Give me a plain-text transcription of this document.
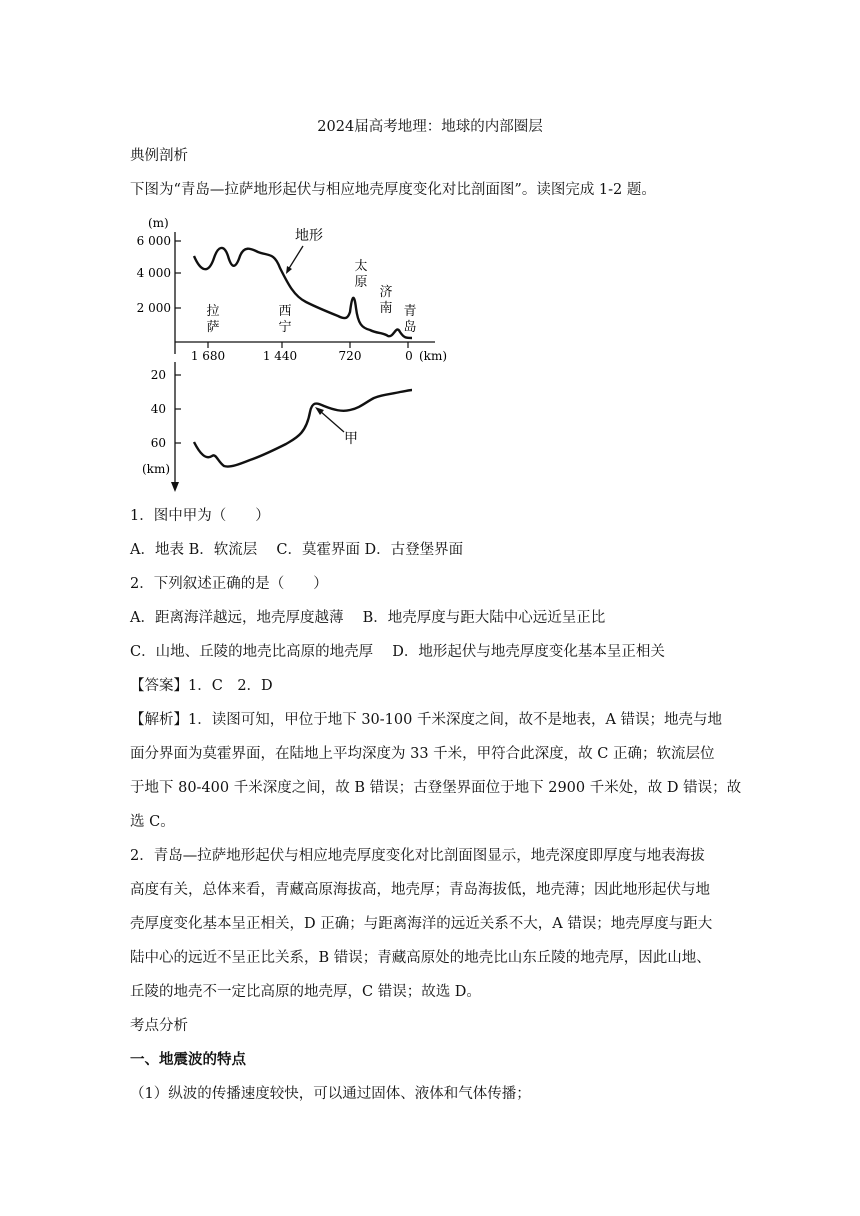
2024届高考地理：地球的内部圈层
典例剖析
下图为“青岛—拉萨地形起伏与相应地壳厚度变化对比剖面图”。读图完成 1-2 题。
(m)
6 000
4 000
2 000
1 680	1 440	720	0 (km)
地形
拉
萨
西
宁
太
原
济
南 青
岛
20
40
60
(km)
甲
1．图中甲为（　　）
A．地表 B．软流层　 C．莫霍界面 D．古登堡界面
2．下列叙述正确的是（　　）
A．距离海洋越远，地壳厚度越薄　 B．地壳厚度与距大陆中心远近呈正比
C．山地、丘陵的地壳比高原的地壳厚　 D．地形起伏与地壳厚度变化基本呈正相关
【答案】1．C　2．D
【解析】1．读图可知，甲位于地下 30-100 千米深度之间，故不是地表，A 错误；地壳与地
面分界面为莫霍界面，在陆地上平均深度为 33 千米，甲符合此深度，故 C 正确；软流层位
于地下 80-400 千米深度之间，故 B 错误；古登堡界面位于地下 2900 千米处，故 D 错误；故
选 C。
2．青岛—拉萨地形起伏与相应地壳厚度变化对比剖面图显示，地壳深度即厚度与地表海拔
高度有关，总体来看，青藏高原海拔高，地壳厚；青岛海拔低，地壳薄；因此地形起伏与地
壳厚度变化基本呈正相关，D 正确；与距离海洋的远近关系不大，A 错误；地壳厚度与距大
陆中心的远近不呈正比关系，B 错误；青藏高原处的地壳比山东丘陵的地壳厚，因此山地、
丘陵的地壳不一定比高原的地壳厚，C 错误；故选 D。
考点分析
一、地震波的特点
（1）纵波的传播速度较快，可以通过固体、液体和气体传播；
